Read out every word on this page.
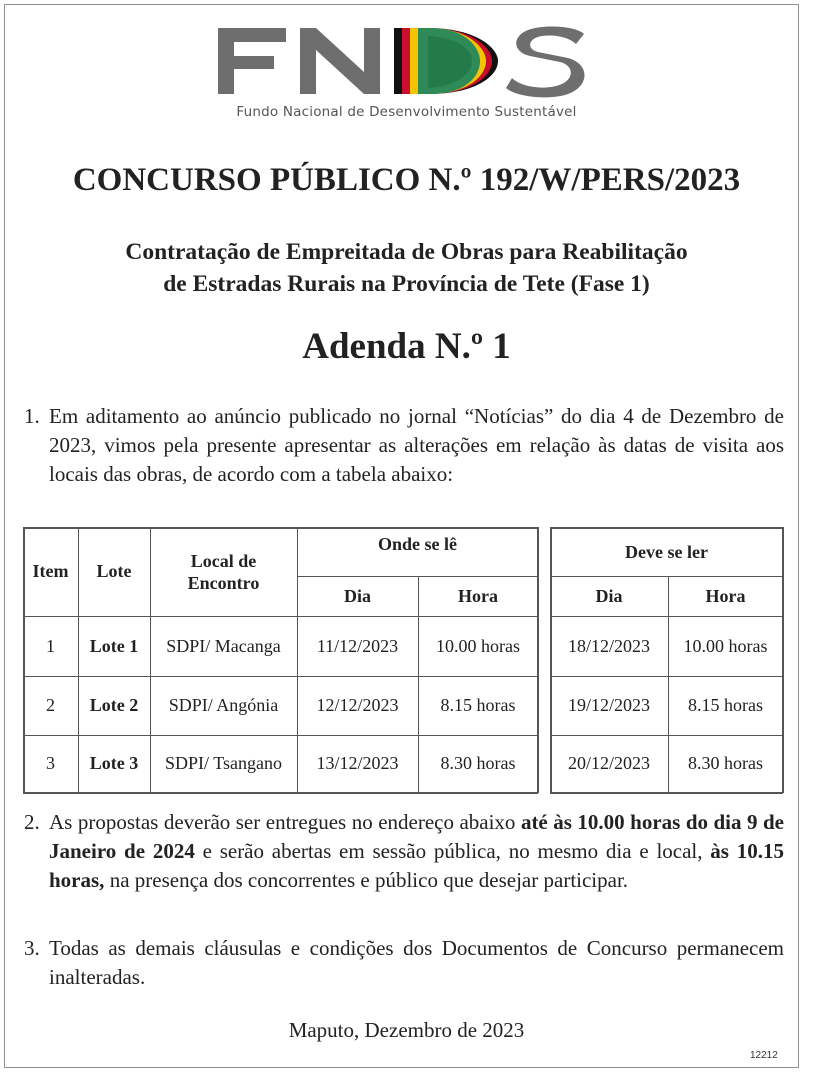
Fundo Nacional de Desenvolvimento Sustentável
CONCURSO PÚBLICO N.º 192/W/PERS/2023
Contratação de Empreitada de Obras para Reabilitação
de Estradas Rurais na Província de Tete (Fase 1)
Adenda N.º 1
1. Em aditamento ao anúncio publicado no jornal “Notícias” do dia 4 de Dezembro de 2023, vimos pela presente apresentar as alterações em relação às datas de visita aos locais das obras, de acordo com a tabela abaixo:
Item	Lote	Local de Encontro
Onde se lê	Deve se ler
Dia	Hora	Dia	Hora
1	Lote 1	SDPI/ Macanga	11/12/2023	10.00 horas	18/12/2023	10.00 horas
2	Lote 2	SDPI/ Angónia	12/12/2023	8.15 horas	19/12/2023	8.15 horas
3	Lote 3	SDPI/ Tsangano	13/12/2023	8.30 horas	20/12/2023	8.30 horas
2. As propostas deverão ser entregues no endereço abaixo até às 10.00 horas do dia 9 de Janeiro de 2024 e serão abertas em sessão pública, no mesmo dia e local, às 10.15 horas, na presença dos concorrentes e público que desejar participar.
3. Todas as demais cláusulas e condições dos Documentos de Concurso permanecem inalteradas.
Maputo, Dezembro de 2023
12212
